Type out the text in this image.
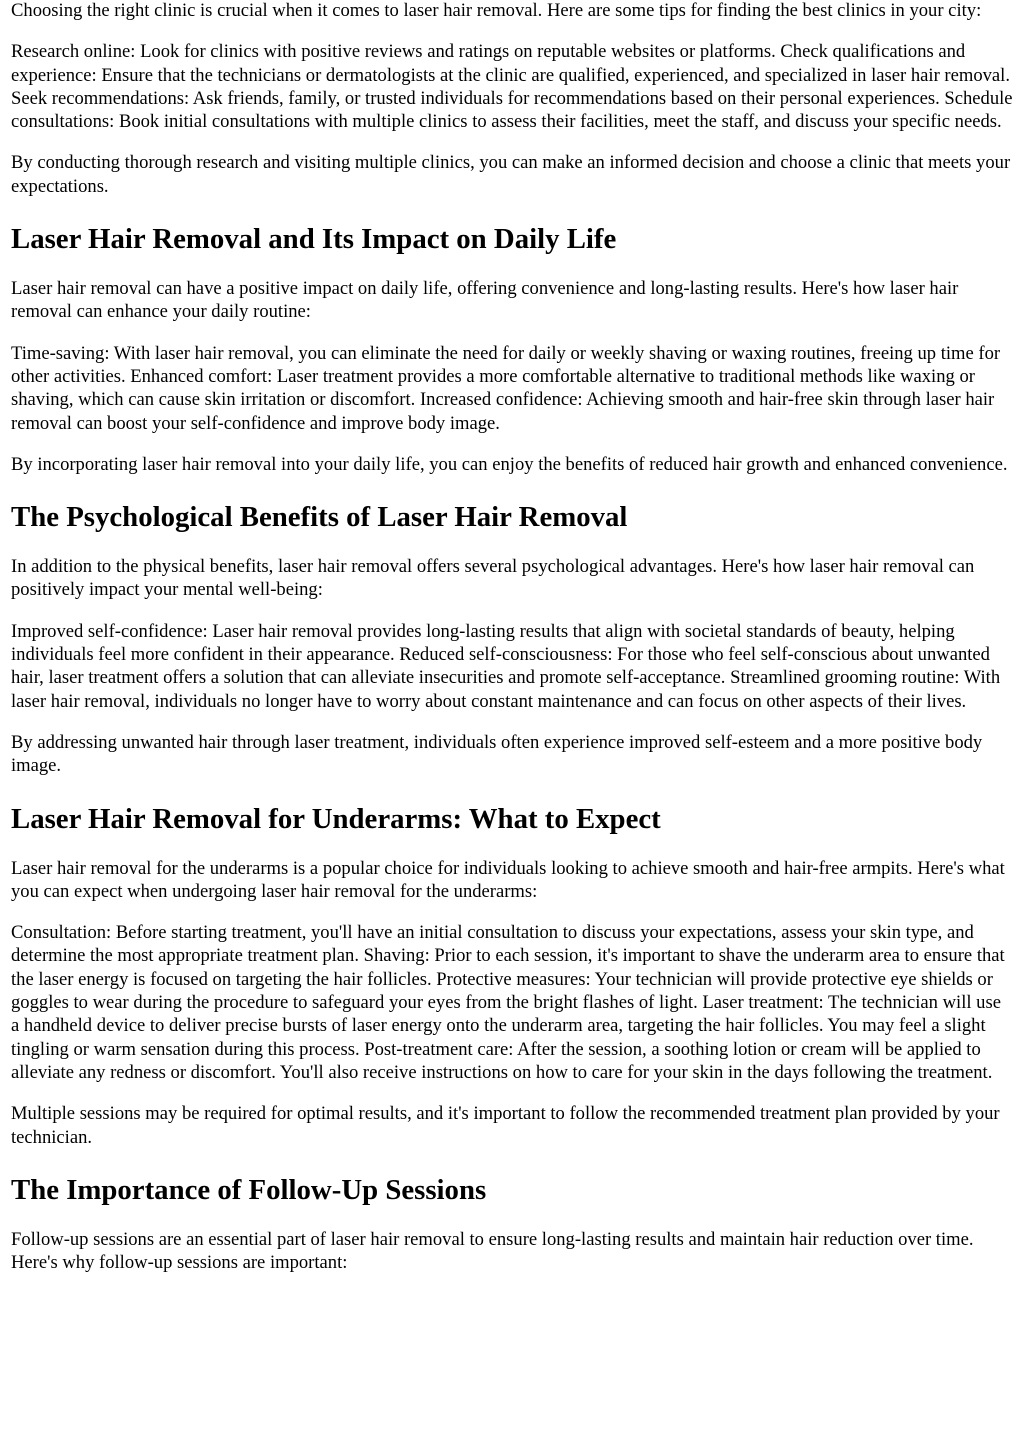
Choosing the right clinic is crucial when it comes to laser hair removal. Here are some tips for finding the best clinics in your city:

Research online: Look for clinics with positive reviews and ratings on reputable websites or platforms. Check qualifications and experience: Ensure that the technicians or dermatologists at the clinic are qualified, experienced, and specialized in laser hair removal. Seek recommendations: Ask friends, family, or trusted individuals for recommendations based on their personal experiences. Schedule consultations: Book initial consultations with multiple clinics to assess their facilities, meet the staff, and discuss your specific needs.

By conducting thorough research and visiting multiple clinics, you can make an informed decision and choose a clinic that meets your expectations.

Laser Hair Removal and Its Impact on Daily Life

Laser hair removal can have a positive impact on daily life, offering convenience and long-lasting results. Here's how laser hair removal can enhance your daily routine:

Time-saving: With laser hair removal, you can eliminate the need for daily or weekly shaving or waxing routines, freeing up time for other activities. Enhanced comfort: Laser treatment provides a more comfortable alternative to traditional methods like waxing or shaving, which can cause skin irritation or discomfort. Increased confidence: Achieving smooth and hair-free skin through laser hair removal can boost your self-confidence and improve body image.

By incorporating laser hair removal into your daily life, you can enjoy the benefits of reduced hair growth and enhanced convenience.

The Psychological Benefits of Laser Hair Removal

In addition to the physical benefits, laser hair removal offers several psychological advantages. Here's how laser hair removal can positively impact your mental well-being:

Improved self-confidence: Laser hair removal provides long-lasting results that align with societal standards of beauty, helping individuals feel more confident in their appearance. Reduced self-consciousness: For those who feel self-conscious about unwanted hair, laser treatment offers a solution that can alleviate insecurities and promote self-acceptance. Streamlined grooming routine: With laser hair removal, individuals no longer have to worry about constant maintenance and can focus on other aspects of their lives.

By addressing unwanted hair through laser treatment, individuals often experience improved self-esteem and a more positive body image.

Laser Hair Removal for Underarms: What to Expect

Laser hair removal for the underarms is a popular choice for individuals looking to achieve smooth and hair-free armpits. Here's what you can expect when undergoing laser hair removal for the underarms:

Consultation: Before starting treatment, you'll have an initial consultation to discuss your expectations, assess your skin type, and determine the most appropriate treatment plan. Shaving: Prior to each session, it's important to shave the underarm area to ensure that the laser energy is focused on targeting the hair follicles. Protective measures: Your technician will provide protective eye shields or goggles to wear during the procedure to safeguard your eyes from the bright flashes of light. Laser treatment: The technician will use a handheld device to deliver precise bursts of laser energy onto the underarm area, targeting the hair follicles. You may feel a slight tingling or warm sensation during this process. Post-treatment care: After the session, a soothing lotion or cream will be applied to alleviate any redness or discomfort. You'll also receive instructions on how to care for your skin in the days following the treatment.

Multiple sessions may be required for optimal results, and it's important to follow the recommended treatment plan provided by your technician.

The Importance of Follow-Up Sessions

Follow-up sessions are an essential part of laser hair removal to ensure long-lasting results and maintain hair reduction over time. Here's why follow-up sessions are important:
